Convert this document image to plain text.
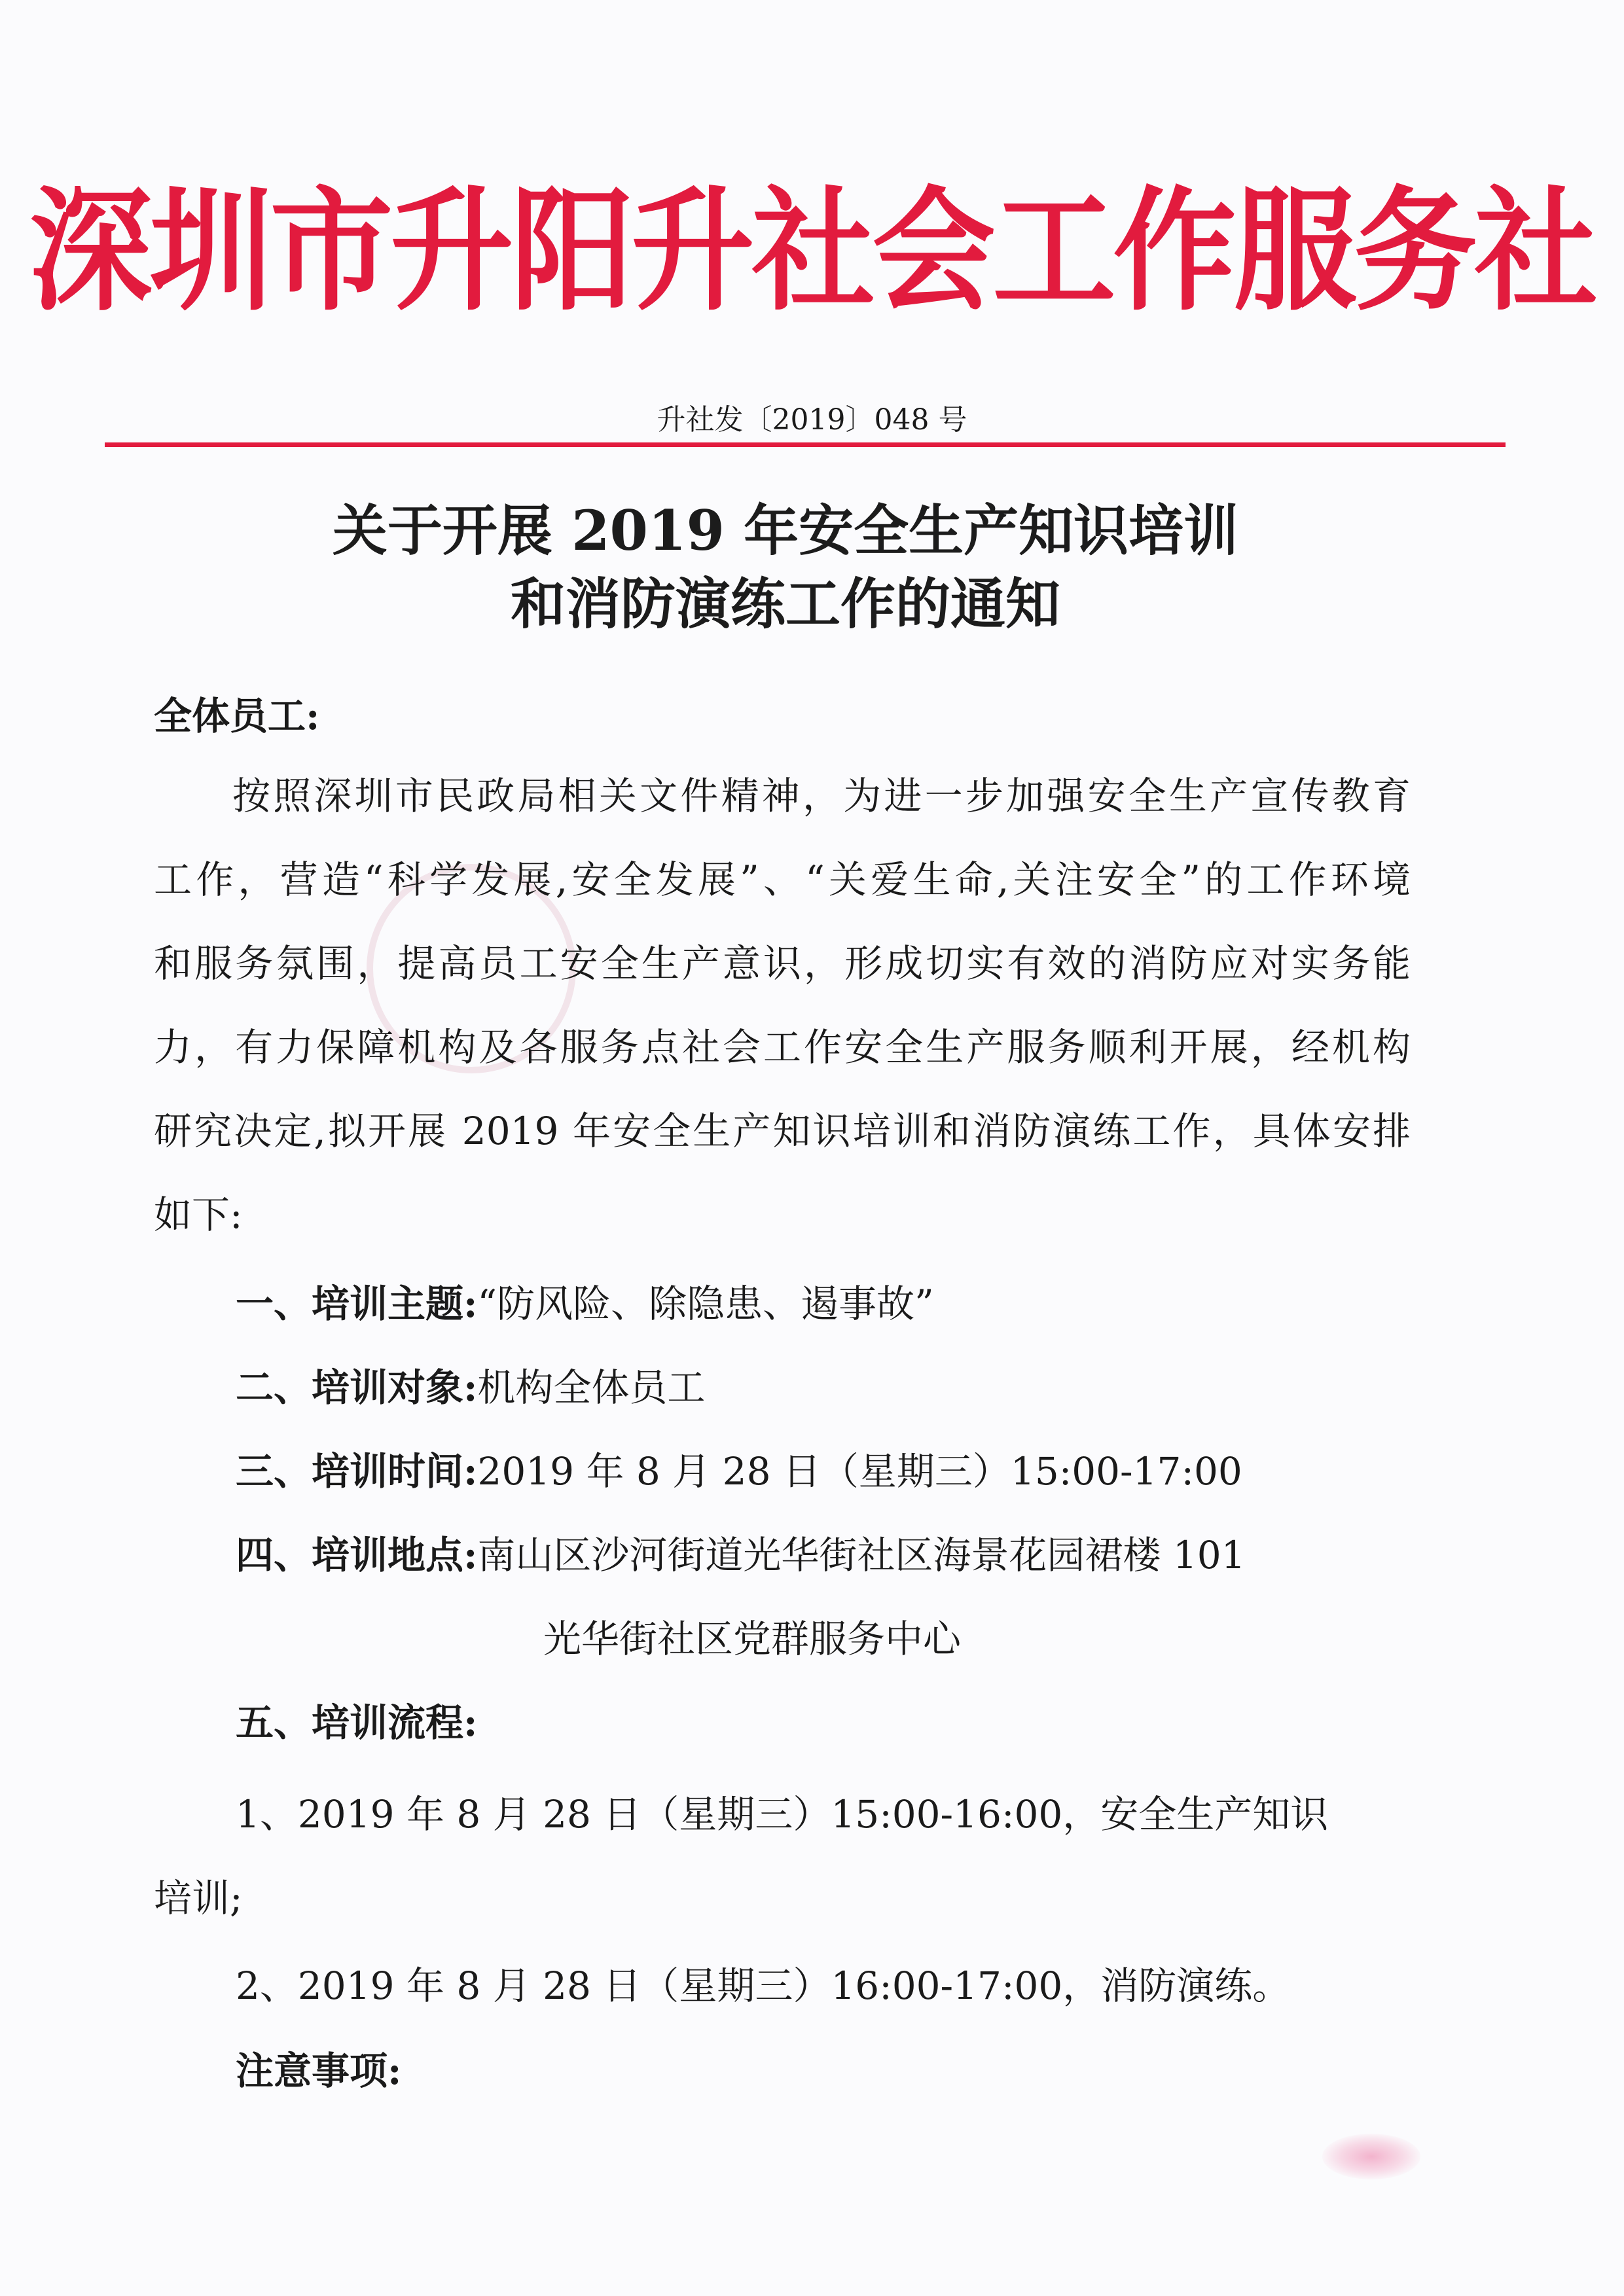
深圳市升阳升社会工作服务社
升社发〔2019〕048 号
关于开展 2019 年安全生产知识培训
和消防演练工作的通知
全体员工:
按照深圳市民政局相关文件精神，为进一步加强安全生产宣传教育
工作，营造“科学发展,安全发展”、“关爱生命,关注安全”的工作环境
和服务氛围，提高员工安全生产意识，形成切实有效的消防应对实务能
力，有力保障机构及各服务点社会工作安全生产服务顺利开展，经机构
研究决定,拟开展 2019 年安全生产知识培训和消防演练工作，具体安排
如下:
一、培训主题:“防风险、除隐患、遏事故”
二、培训对象:机构全体员工
三、培训时间:2019 年 8 月 28 日（星期三）15:00-17:00
四、培训地点:南山区沙河街道光华街社区海景花园裙楼 101
光华街社区党群服务中心
五、培训流程:
1、2019 年 8 月 28 日（星期三）15:00-16:00，安全生产知识
培训;
2、2019 年 8 月 28 日（星期三）16:00-17:00，消防演练。
注意事项:
